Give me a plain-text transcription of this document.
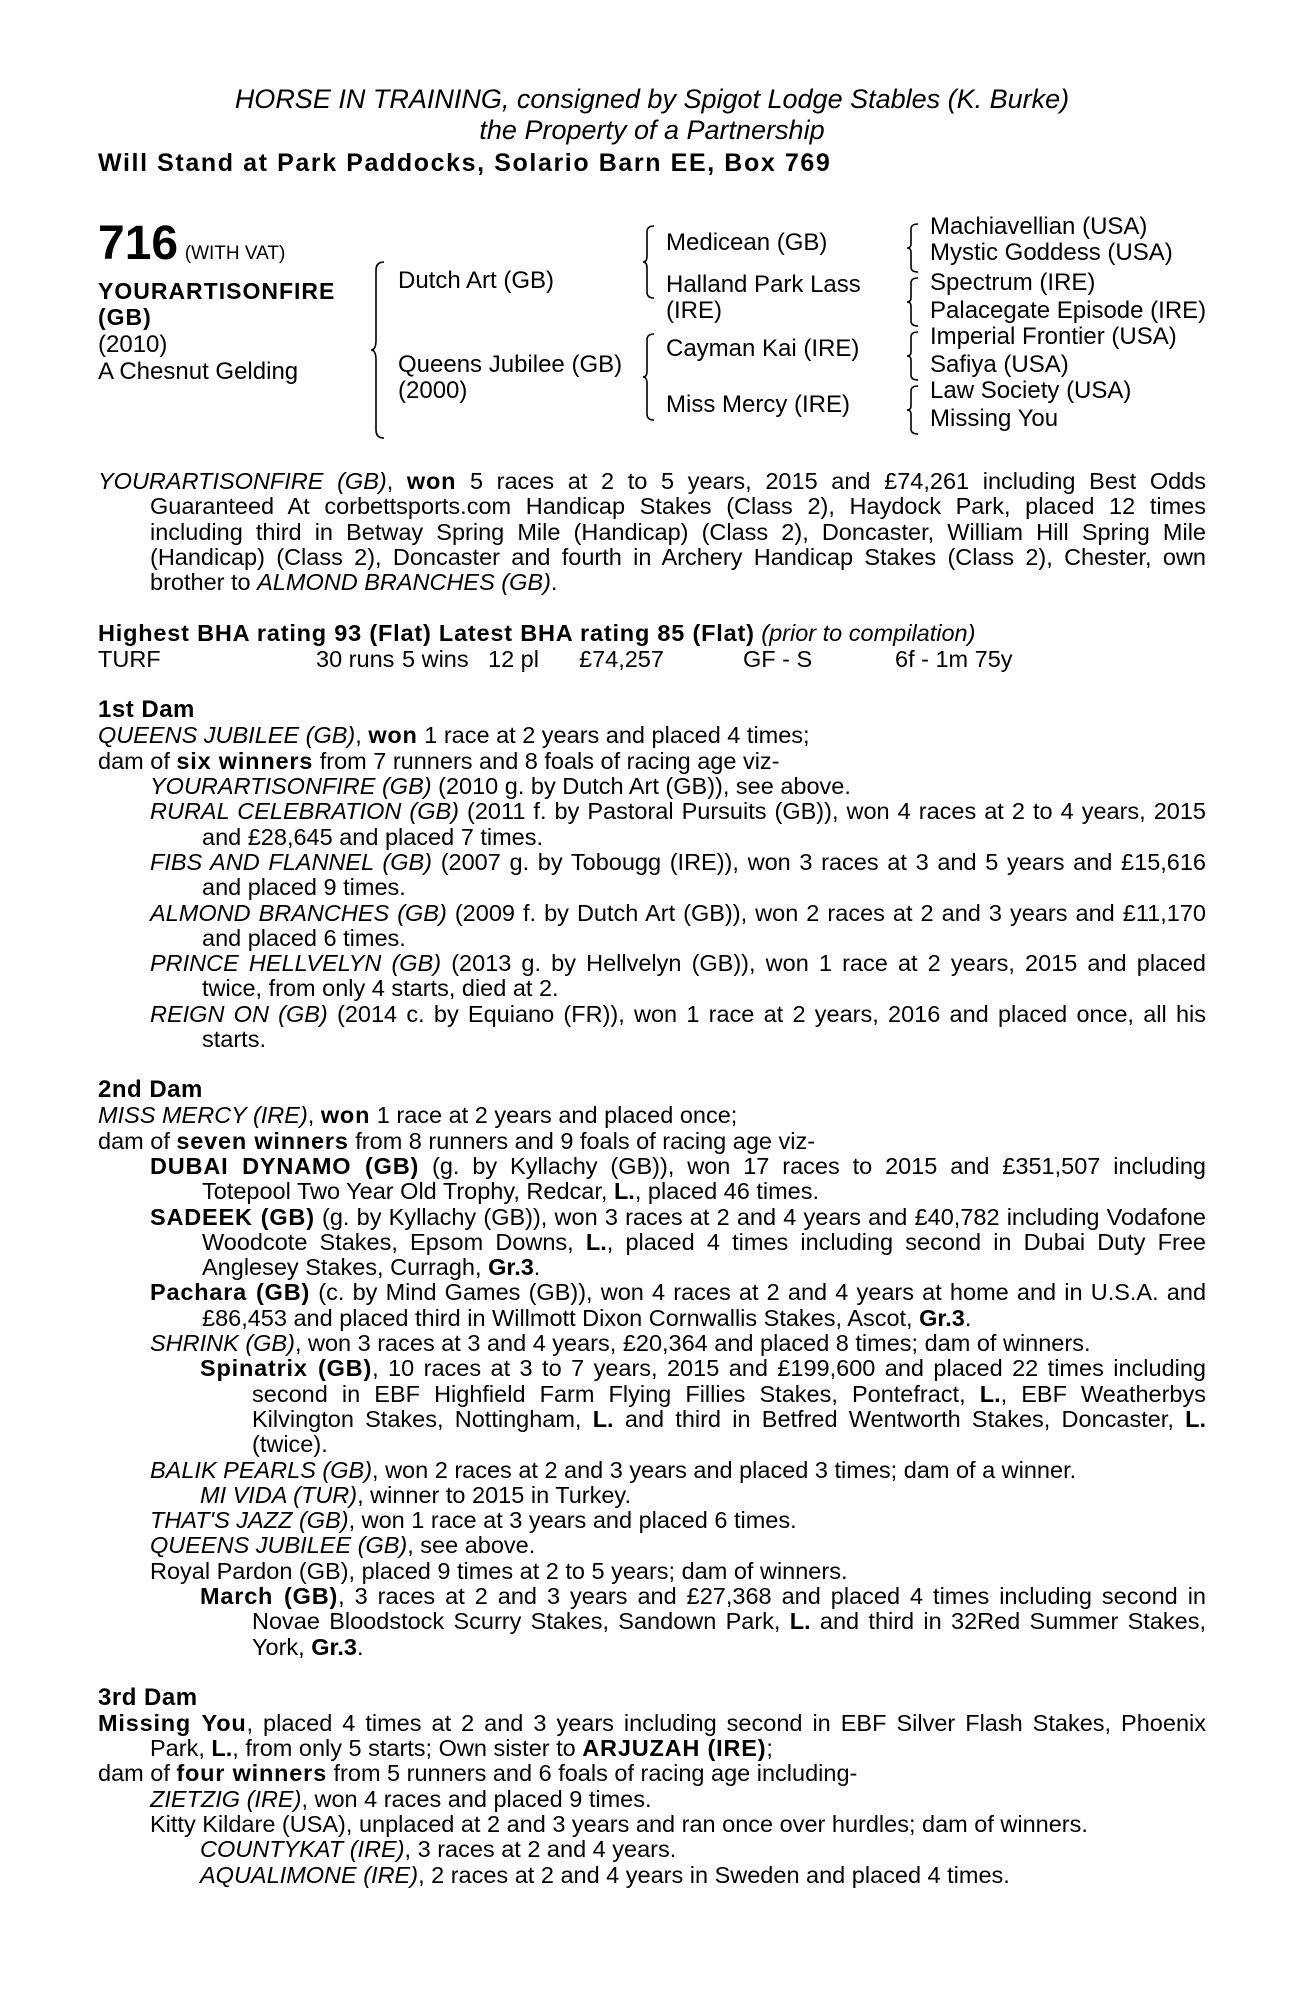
HORSE IN TRAINING, consigned by Spigot Lodge Stables (K. Burke)
the Property of a Partnership
Will Stand at Park Paddocks, Solario Barn EE, Box 769
716 (WITH VAT)
YOURARTISONFIRE
(GB)
(2010)
A Chesnut Gelding
Dutch Art (GB)
Queens Jubilee (GB)
(2000)
Medicean (GB)
Halland Park Lass
(IRE)
Cayman Kai (IRE)
Miss Mercy (IRE)
Machiavellian (USA)
Mystic Goddess (USA)
Spectrum (IRE)
Palacegate Episode (IRE)
Imperial Frontier (USA)
Safiya (USA)
Law Society (USA)
Missing You

YOURARTISONFIRE (GB), won 5 races at 2 to 5 years, 2015 and £74,261 including Best Odds Guaranteed At corbettsports.com Handicap Stakes (Class 2), Haydock Park, placed 12 times including third in Betway Spring Mile (Handicap) (Class 2), Doncaster, William Hill Spring Mile (Handicap) (Class 2), Doncaster and fourth in Archery Handicap Stakes (Class 2), Chester, own brother to ALMOND BRANCHES (GB).

Highest BHA rating 93 (Flat) Latest BHA rating 85 (Flat) (prior to compilation)

TURF	30 runs 5 wins 12 pl £74,257	GF - S	6f - 1m 75y

1st Dam

QUEENS JUBILEE (GB), won 1 race at 2 years and placed 4 times;

dam of six winners from 7 runners and 8 foals of racing age viz-

YOURARTISONFIRE (GB) (2010 g. by Dutch Art (GB)), see above.

RURAL CELEBRATION (GB) (2011 f. by Pastoral Pursuits (GB)), won 4 races at 2 to 4 years, 2015 and £28,645 and placed 7 times.

FIBS AND FLANNEL (GB) (2007 g. by Tobougg (IRE)), won 3 races at 3 and 5 years and £15,616 and placed 9 times.

ALMOND BRANCHES (GB) (2009 f. by Dutch Art (GB)), won 2 races at 2 and 3 years and £11,170 and placed 6 times.

PRINCE HELLVELYN (GB) (2013 g. by Hellvelyn (GB)), won 1 race at 2 years, 2015 and placed twice, from only 4 starts, died at 2.

REIGN ON (GB) (2014 c. by Equiano (FR)), won 1 race at 2 years, 2016 and placed once, all his starts.

2nd Dam

MISS MERCY (IRE), won 1 race at 2 years and placed once;

dam of seven winners from 8 runners and 9 foals of racing age viz-

DUBAI DYNAMO (GB) (g. by Kyllachy (GB)), won 17 races to 2015 and £351,507 including Totepool Two Year Old Trophy, Redcar, L., placed 46 times.

SADEEK (GB) (g. by Kyllachy (GB)), won 3 races at 2 and 4 years and £40,782 including Vodafone Woodcote Stakes, Epsom Downs, L., placed 4 times including second in Dubai Duty Free Anglesey Stakes, Curragh, Gr.3.

Pachara (GB) (c. by Mind Games (GB)), won 4 races at 2 and 4 years at home and in U.S.A. and £86,453 and placed third in Willmott Dixon Cornwallis Stakes, Ascot, Gr.3.

SHRINK (GB), won 3 races at 3 and 4 years, £20,364 and placed 8 times; dam of winners.

Spinatrix (GB), 10 races at 3 to 7 years, 2015 and £199,600 and placed 22 times including second in EBF Highfield Farm Flying Fillies Stakes, Pontefract, L., EBF Weatherbys Kilvington Stakes, Nottingham, L. and third in Betfred Wentworth Stakes, Doncaster, L. (twice).

BALIK PEARLS (GB), won 2 races at 2 and 3 years and placed 3 times; dam of a winner.

MI VIDA (TUR), winner to 2015 in Turkey.

THAT'S JAZZ (GB), won 1 race at 3 years and placed 6 times.

QUEENS JUBILEE (GB), see above.

Royal Pardon (GB), placed 9 times at 2 to 5 years; dam of winners.

March (GB), 3 races at 2 and 3 years and £27,368 and placed 4 times including second in Novae Bloodstock Scurry Stakes, Sandown Park, L. and third in 32Red Summer Stakes, York, Gr.3.

3rd Dam

Missing You, placed 4 times at 2 and 3 years including second in EBF Silver Flash Stakes, Phoenix Park, L., from only 5 starts; Own sister to ARJUZAH (IRE);

dam of four winners from 5 runners and 6 foals of racing age including-

ZIETZIG (IRE), won 4 races and placed 9 times.

Kitty Kildare (USA), unplaced at 2 and 3 years and ran once over hurdles; dam of winners.

COUNTYKAT (IRE), 3 races at 2 and 4 years.

AQUALIMONE (IRE), 2 races at 2 and 4 years in Sweden and placed 4 times.
